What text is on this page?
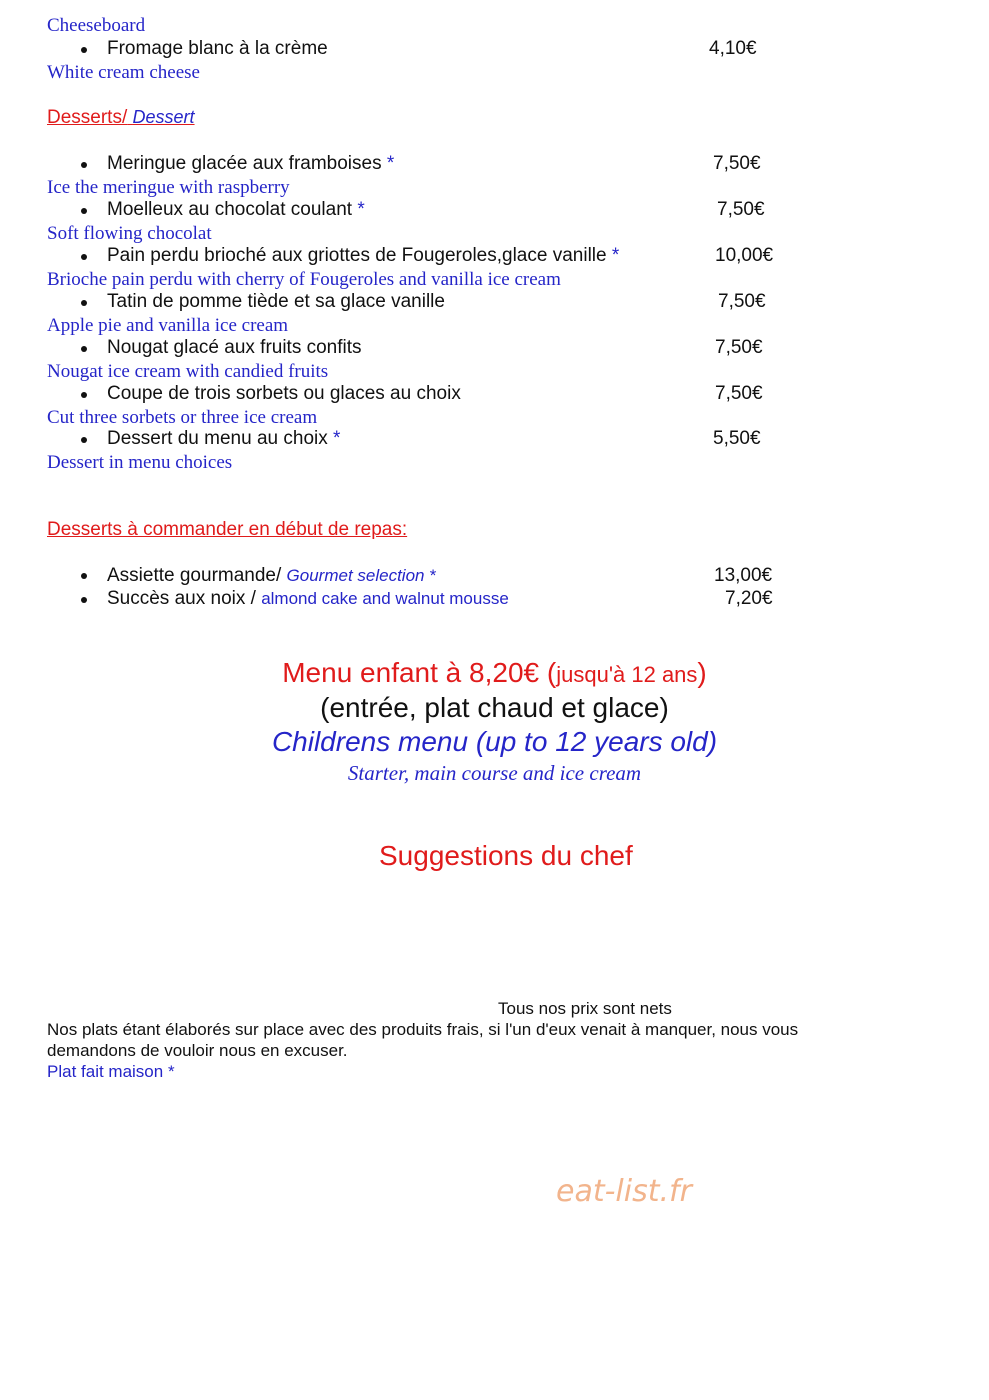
Cheeseboard
Fromage blanc à la crème	4,10€
White cream cheese
Desserts/ Dessert
Meringue glacée aux framboises *	7,50€
Ice the meringue with raspberry
Moelleux au chocolat coulant *	7,50€
Soft flowing chocolat
Pain perdu brioché aux griottes de Fougeroles,glace vanille *	10,00€
Brioche pain perdu with cherry of Fougeroles and vanilla ice cream
Tatin de pomme tiède et sa glace vanille	7,50€
Apple pie and vanilla ice cream
Nougat glacé aux fruits confits	7,50€
Nougat ice cream with candied fruits
Coupe de trois sorbets ou glaces au choix	7,50€
Cut three sorbets or three ice cream
Dessert du menu au choix *	5,50€
Dessert in menu choices
Desserts à commander en début de repas:
Assiette gourmande/ Gourmet selection *	13,00€
Succès aux noix / almond cake and walnut mousse	7,20€
Menu enfant à 8,20€ (jusqu'à 12 ans)
(entrée, plat chaud et glace)
Childrens menu (up to 12 years old)
Starter, main course and ice cream
Suggestions du chef
Tous nos prix sont nets
Nos plats étant élaborés sur place avec des produits frais, si l'un d'eux venait à manquer, nous vous
demandons de vouloir nous en excuser.
Plat fait maison *
eat-list.fr
